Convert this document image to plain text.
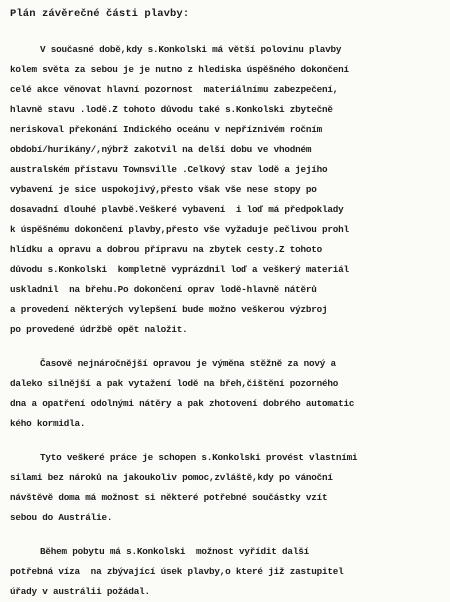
Plán závěrečné části plavby:
V současné době,kdy s.Konkolski má větší polovinu plavby
kolem světa za sebou je je nutno z hlediska úspěšného dokončení
celé akce věnovat hlavní pozornost  materiálnímu zabezpečení,
hlavně stavu .lodě.Z tohoto důvodu také s.Konkolski zbytečně
neriskoval překonání Indického oceánu v nepříznivém ročním
období/hurikány/,nýbrž zakotvil na delší dobu ve vhodném
australském přístavu Townsville .Celkový stav lodě a jejího
vybavení je sice uspokojivý,přesto však vše nese stopy po
dosavadní dlouhé plavbě.Veškeré vybavení  i loď má předpoklady
k úspěšnému dokončení plavby,přesto vše vyžaduje pečlivou prohl
hlídku a opravu a dobrou přípravu na zbytek cesty.Z tohoto
důvodu s.Konkolski  kompletně vyprázdnil loď a veškerý materiál
uskladnil  na břehu.Po dokončení oprav lodě-hlavně nátěrů
a provedení některých vylepšení bude možno veškerou výzbroj
po provedené údržbě opět naložit.
Časově nejnáročnější opravou je výměna stěžně za nový a
daleko silnější a pak vytažení lodě na břeh,čištění pozorného
dna a opatření odolnými nátěry a pak zhotovení dobrého automatic
kého kormidla.
Tyto veškeré práce je schopen s.Konkolski provést vlastními
silami bez nároků na jakoukoliv pomoc,zvláště,kdy po vánoční
návštěvě doma má možnost si některé potřebné součástky vzít
sebou do Austrálie.
Během pobytu má s.Konkolski  možnost vyřídit další
potřebná víza  na zbývající úsek plavby,o které již zastupitel
úřady v austrálii požádal.
